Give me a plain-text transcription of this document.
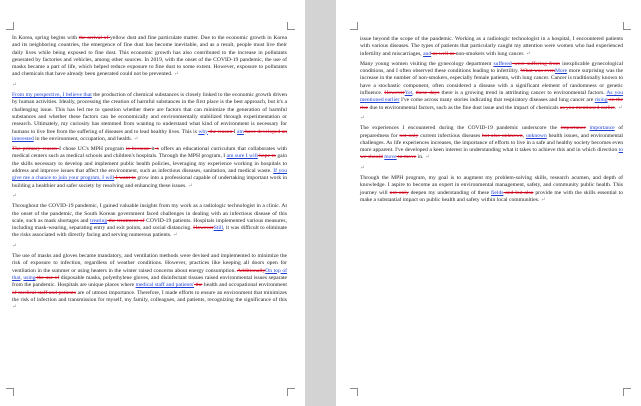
In Korea, spring begins with the arrival of yellow dust and fine particulate matter. Due to the economic growth in Korea and its neighboring countries, the emergence of fine dust has become inevitable, and as a result, people must live their daily lives while being exposed to fine dust. This economic growth has also contributed to the increase in pollutants generated by factories and vehicles, among other sources. In 2019, with the onset of the COVID-19 pandemic, the use of masks became a part of life, which helped reduce exposure to fine dust to some extent. However, exposure to pollutants and chemicals that have already been generated could not be prevented. ↵

↵

From my perspective, I believe that the production of chemical substances is closely linked to the economic growth driven by human activities. Ideally, processing the creation of harmful substances in the first place is the best approach, but it's a challenging issue. This has led me to question whether there are factors that can minimize the generation of harmful substances and whether these factors can be economically and environmentally stabilized through experimentation or research. Ultimately, my curiosity has stemmed from wanting to understand what kind of environment is necessary for humans to live free from the suffering of diseases and to lead healthy lives. This is why the reason I am have developed an interested in the environment, occupation, and health. ↵

The primary reason I chose UC's MPH program is because it s offers an educational curriculum that collaborates with medical centers such as medical schools and children's hospitals. Through the MPH program, I am sure I will hope to gain the skills necessary to develop and implement public health policies, leveraging my experience working in hospitals to address and improve issues that affect the environment, such as infectious diseases, sanitation, and medical waste. If you give me a chance to join your program, I will I want to grow into a professional capable of undertaking important work in building a healthier and safer society by resolving and enhancing these issues. ↵

↵

Throughout the COVID-19 pandemic, I gained valuable insights from my work as a radiologic technologist in a clinic. At the onset of the pandemic, the South Korean government faced challenges in dealing with an infectious disease of this scale, such as mask shortages and treating the treatment of COVID-19 patients. Hospitals implemented various measures, including mask-wearing, separating entry and exit points, and social distancing. HoweverStill, it was difficult to eliminate the risks associated with directly facing and serving numerous patients. ↵

↵

The use of masks and gloves became mandatory, and ventilation methods were devised and implemented to minimize the risk of exposure to infection, regardless of weather conditions. However, practices like keeping all doors open for ventilation in the summer or using heaters in the winter raised concerns about energy consumption. AdditionallyOn top of that, using the use of disposable masks, polyethylene gloves, and disinfectant tissues raised environmental issues separate from the pandemic. Hospitals are unique places where medical staff and patients' the health and occupational environment of medical staff and patients are of utmost importance. Therefore, I made efforts to ensure an environment that minimizes the risk of infection and transmission for myself, my family, colleagues, and patients, recognizing the significance of this ↵

issue beyond the scope of the pandemic. Working as a radiologic technologist in a hospital, I encountered patients with various diseases. The types of patients that particularly caught my attention were women who had experienced infertility and miscarriages, and as well as non-smokers with lung cancer. ↵

Many young women visiting the gynecology department suffered were suffering from inexplicable gynecological conditions, and I often observed these conditions leading to infertility. What was evenMore more surprising was the increase in the number of non-smokers, especially female patients, with lung cancer. Cancer is traditionally known to have a stochastic component, often considered a disease with a significant element of randomness or genetic influence. HoweverYet, these days there is a growing trend in attributing cancer to environmental factors. As you mentioned earlier I've come across many stories indicating that respiratory diseases and lung cancer are rising on the rise due to environmental factors, such as the fine dust issue and the impact of chemicals as you mentioned earlier. ↵

↵

The experiences I encountered during the COVID-19 pandemic underscore the importance importance of preparedness for not only current infectious diseases but also unknown, unknown health issues, and environmental challenges. As life experiences increases, the importance of efforts to live in a safe and healthy society becomes even more apparent. I've developed a keen interest in understanding what it takes to achieve this and in which direction to we should move to move in. ↵

↵

Through the MPH program, my goal is to augment my problem-solving skills, research acumen, and depth of knowledge. I aspire to become an expert in environmental management, safety, and community public health. This journey will not only deepen my understanding of these fields and but also provide me with the skills essential to make a substantial impact on public health and safety within local communities. ↵
